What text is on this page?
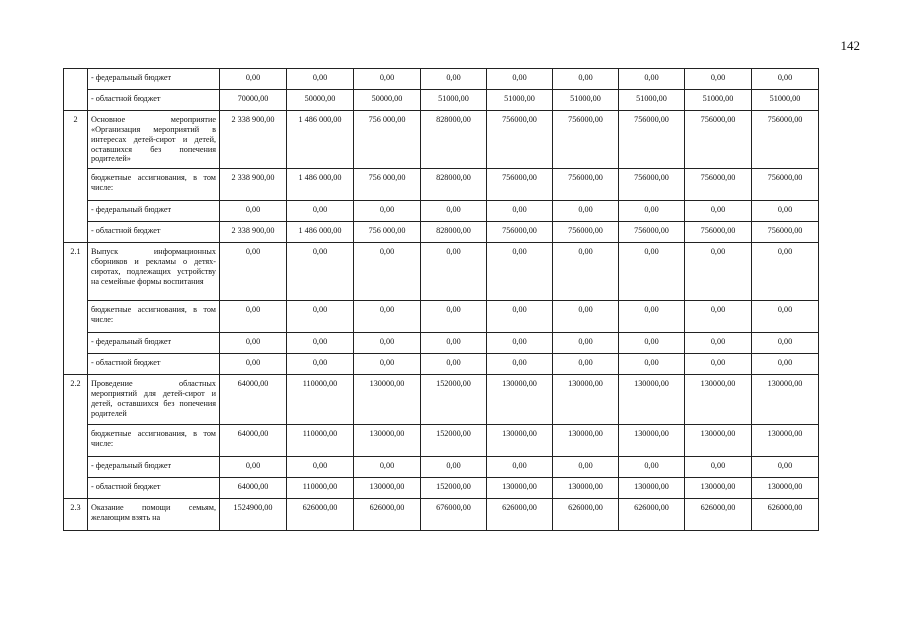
142
	- федеральный бюджет	0,00	0,00	0,00	0,00	0,00	0,00	0,00	0,00	0,00
	- областной бюджет	70000,00	50000,00	50000,00	51000,00	51000,00	51000,00	51000,00	51000,00	51000,00
2	Основное мероприятие «Организация мероприятий в интересах детей-сирот и детей, оставшихся без попечения родителей»	2 338 900,00	1 486 000,00	756 000,00	828000,00	756000,00	756000,00	756000,00	756000,00	756000,00
	бюджетные ассигнования, в том числе:	2 338 900,00	1 486 000,00	756 000,00	828000,00	756000,00	756000,00	756000,00	756000,00	756000,00
	- федеральный бюджет	0,00	0,00	0,00	0,00	0,00	0,00	0,00	0,00	0,00
	- областной бюджет	2 338 900,00	1 486 000,00	756 000,00	828000,00	756000,00	756000,00	756000,00	756000,00	756000,00
2.1	Выпуск информационных сборников и рекламы о детях-сиротах, подлежащих устройству на семейные формы воспитания	0,00	0,00	0,00	0,00	0,00	0,00	0,00	0,00	0,00
	бюджетные ассигнования, в том числе:	0,00	0,00	0,00	0,00	0,00	0,00	0,00	0,00	0,00
	- федеральный бюджет	0,00	0,00	0,00	0,00	0,00	0,00	0,00	0,00	0,00
	- областной бюджет	0,00	0,00	0,00	0,00	0,00	0,00	0,00	0,00	0,00
2.2	Проведение областных мероприятий для детей-сирот и детей, оставшихся без попечения родителей	64000,00	110000,00	130000,00	152000,00	130000,00	130000,00	130000,00	130000,00	130000,00
	бюджетные ассигнования, в том числе:	64000,00	110000,00	130000,00	152000,00	130000,00	130000,00	130000,00	130000,00	130000,00
	- федеральный бюджет	0,00	0,00	0,00	0,00	0,00	0,00	0,00	0,00	0,00
	- областной бюджет	64000,00	110000,00	130000,00	152000,00	130000,00	130000,00	130000,00	130000,00	130000,00
2.3	Оказание помощи семьям, желающим взять на	1524900,00	626000,00	626000,00	676000,00	626000,00	626000,00	626000,00	626000,00	626000,00
